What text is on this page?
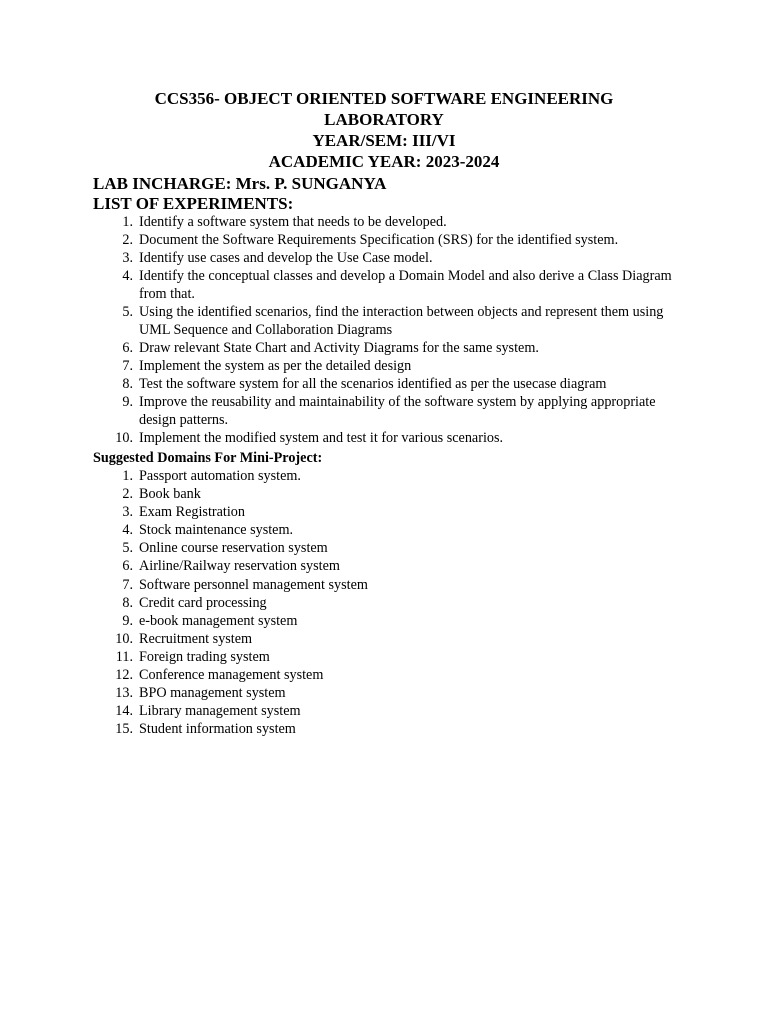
CCS356- OBJECT ORIENTED SOFTWARE ENGINEERING
LABORATORY
YEAR/SEM: III/VI
ACADEMIC YEAR: 2023-2024
LAB INCHARGE: Mrs. P. SUNGANYA
LIST OF EXPERIMENTS:
1. Identify a software system that needs to be developed.
2. Document the Software Requirements Specification (SRS) for the identified system.
3. Identify use cases and develop the Use Case model.
4. Identify the conceptual classes and develop a Domain Model and also derive a Class Diagram from that.
5. Using the identified scenarios, find the interaction between objects and represent them using UML Sequence and Collaboration Diagrams
6. Draw relevant State Chart and Activity Diagrams for the same system.
7. Implement the system as per the detailed design
8. Test the software system for all the scenarios identified as per the usecase diagram
9. Improve the reusability and maintainability of the software system by applying appropriate design patterns.
10. Implement the modified system and test it for various scenarios.
Suggested Domains For Mini-Project:
1. Passport automation system.
2. Book bank
3. Exam Registration
4. Stock maintenance system.
5. Online course reservation system
6. Airline/Railway reservation system
7. Software personnel management system
8. Credit card processing
9. e-book management system
10. Recruitment system
11. Foreign trading system
12. Conference management system
13. BPO management system
14. Library management system
15. Student information system
